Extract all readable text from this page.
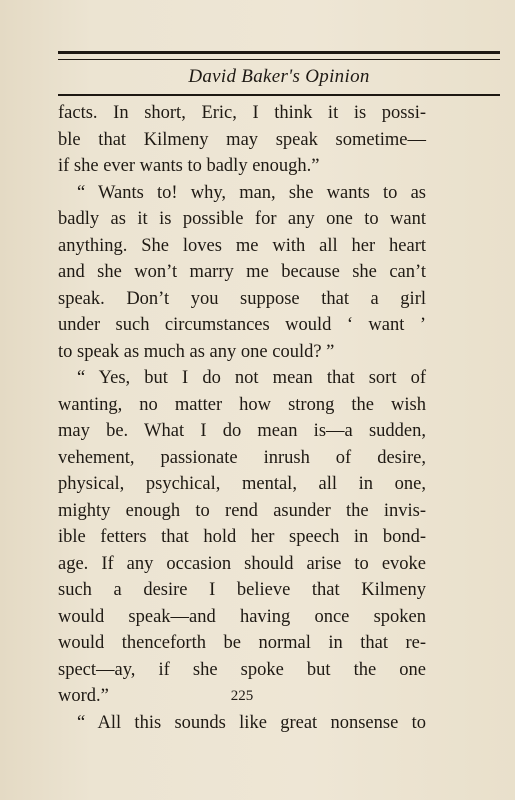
David Baker's Opinion
facts. In short, Eric, I think it is possi-
ble that Kilmeny may speak sometime—
if she ever wants to badly enough.”
“ Wants to! why, man, she wants to as
badly as it is possible for any one to want
anything. She loves me with all her heart
and she won’t marry me because she can’t
speak. Don’t you suppose that a girl
under such circumstances would ‘ want ’
to speak as much as any one could? ”
“ Yes, but I do not mean that sort of
wanting, no matter how strong the wish
may be. What I do mean is—a sudden,
vehement, passionate inrush of desire,
physical, psychical, mental, all in one,
mighty enough to rend asunder the invis-
ible fetters that hold her speech in bond-
age. If any occasion should arise to evoke
such a desire I believe that Kilmeny
would speak—and having once spoken
would thenceforth be normal in that re-
spect—ay, if she spoke but the one
word.”
“ All this sounds like great nonsense to
225
